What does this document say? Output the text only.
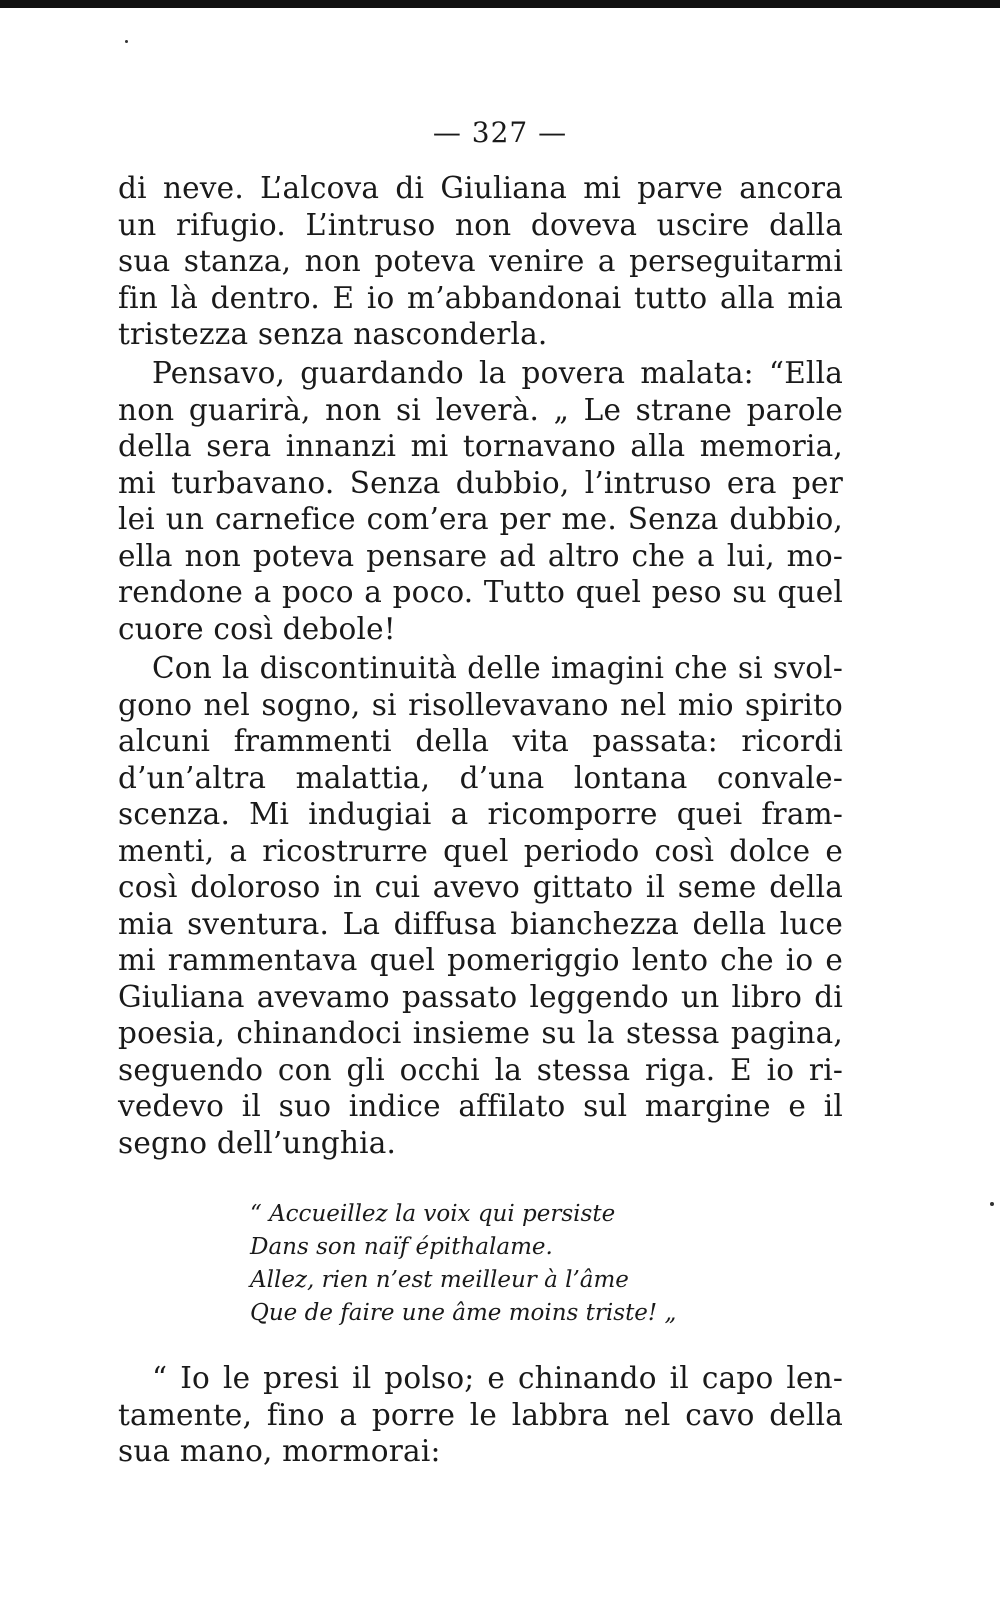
— 327 —
di neve. L’alcova di Giuliana mi parve ancora
un rifugio. L’intruso non doveva uscire dalla
sua stanza, non poteva venire a perseguitarmi
fin là dentro. E io m’abbandonai tutto alla mia
tristezza senza nasconderla.
Pensavo, guardando la povera malata: “Ella
non guarirà, non si leverà. „ Le strane parole
della sera innanzi mi tornavano alla memoria,
mi turbavano. Senza dubbio, l’intruso era per
lei un carnefice com’era per me. Senza dubbio,
ella non poteva pensare ad altro che a lui, mo-
rendone a poco a poco. Tutto quel peso su quel
cuore così debole!
Con la discontinuità delle imagini che si svol-
gono nel sogno, si risollevavano nel mio spirito
alcuni frammenti della vita passata: ricordi
d’un’altra malattia, d’una lontana convale-
scenza. Mi indugiai a ricomporre quei fram-
menti, a ricostrurre quel periodo così dolce e
così doloroso in cui avevo gittato il seme della
mia sventura. La diffusa bianchezza della luce
mi rammentava quel pomeriggio lento che io e
Giuliana avevamo passato leggendo un libro di
poesia, chinandoci insieme su la stessa pagina,
seguendo con gli occhi la stessa riga. E io ri-
vedevo il suo indice affilato sul margine e il
segno dell’unghia.
“ Accueillez la voix qui persiste
Dans son naïf épithalame.
Allez, rien n’est meilleur à l’âme
Que de faire une âme moins triste! „
“ Io le presi il polso; e chinando il capo len-
tamente, fino a porre le labbra nel cavo della
sua mano, mormorai:
